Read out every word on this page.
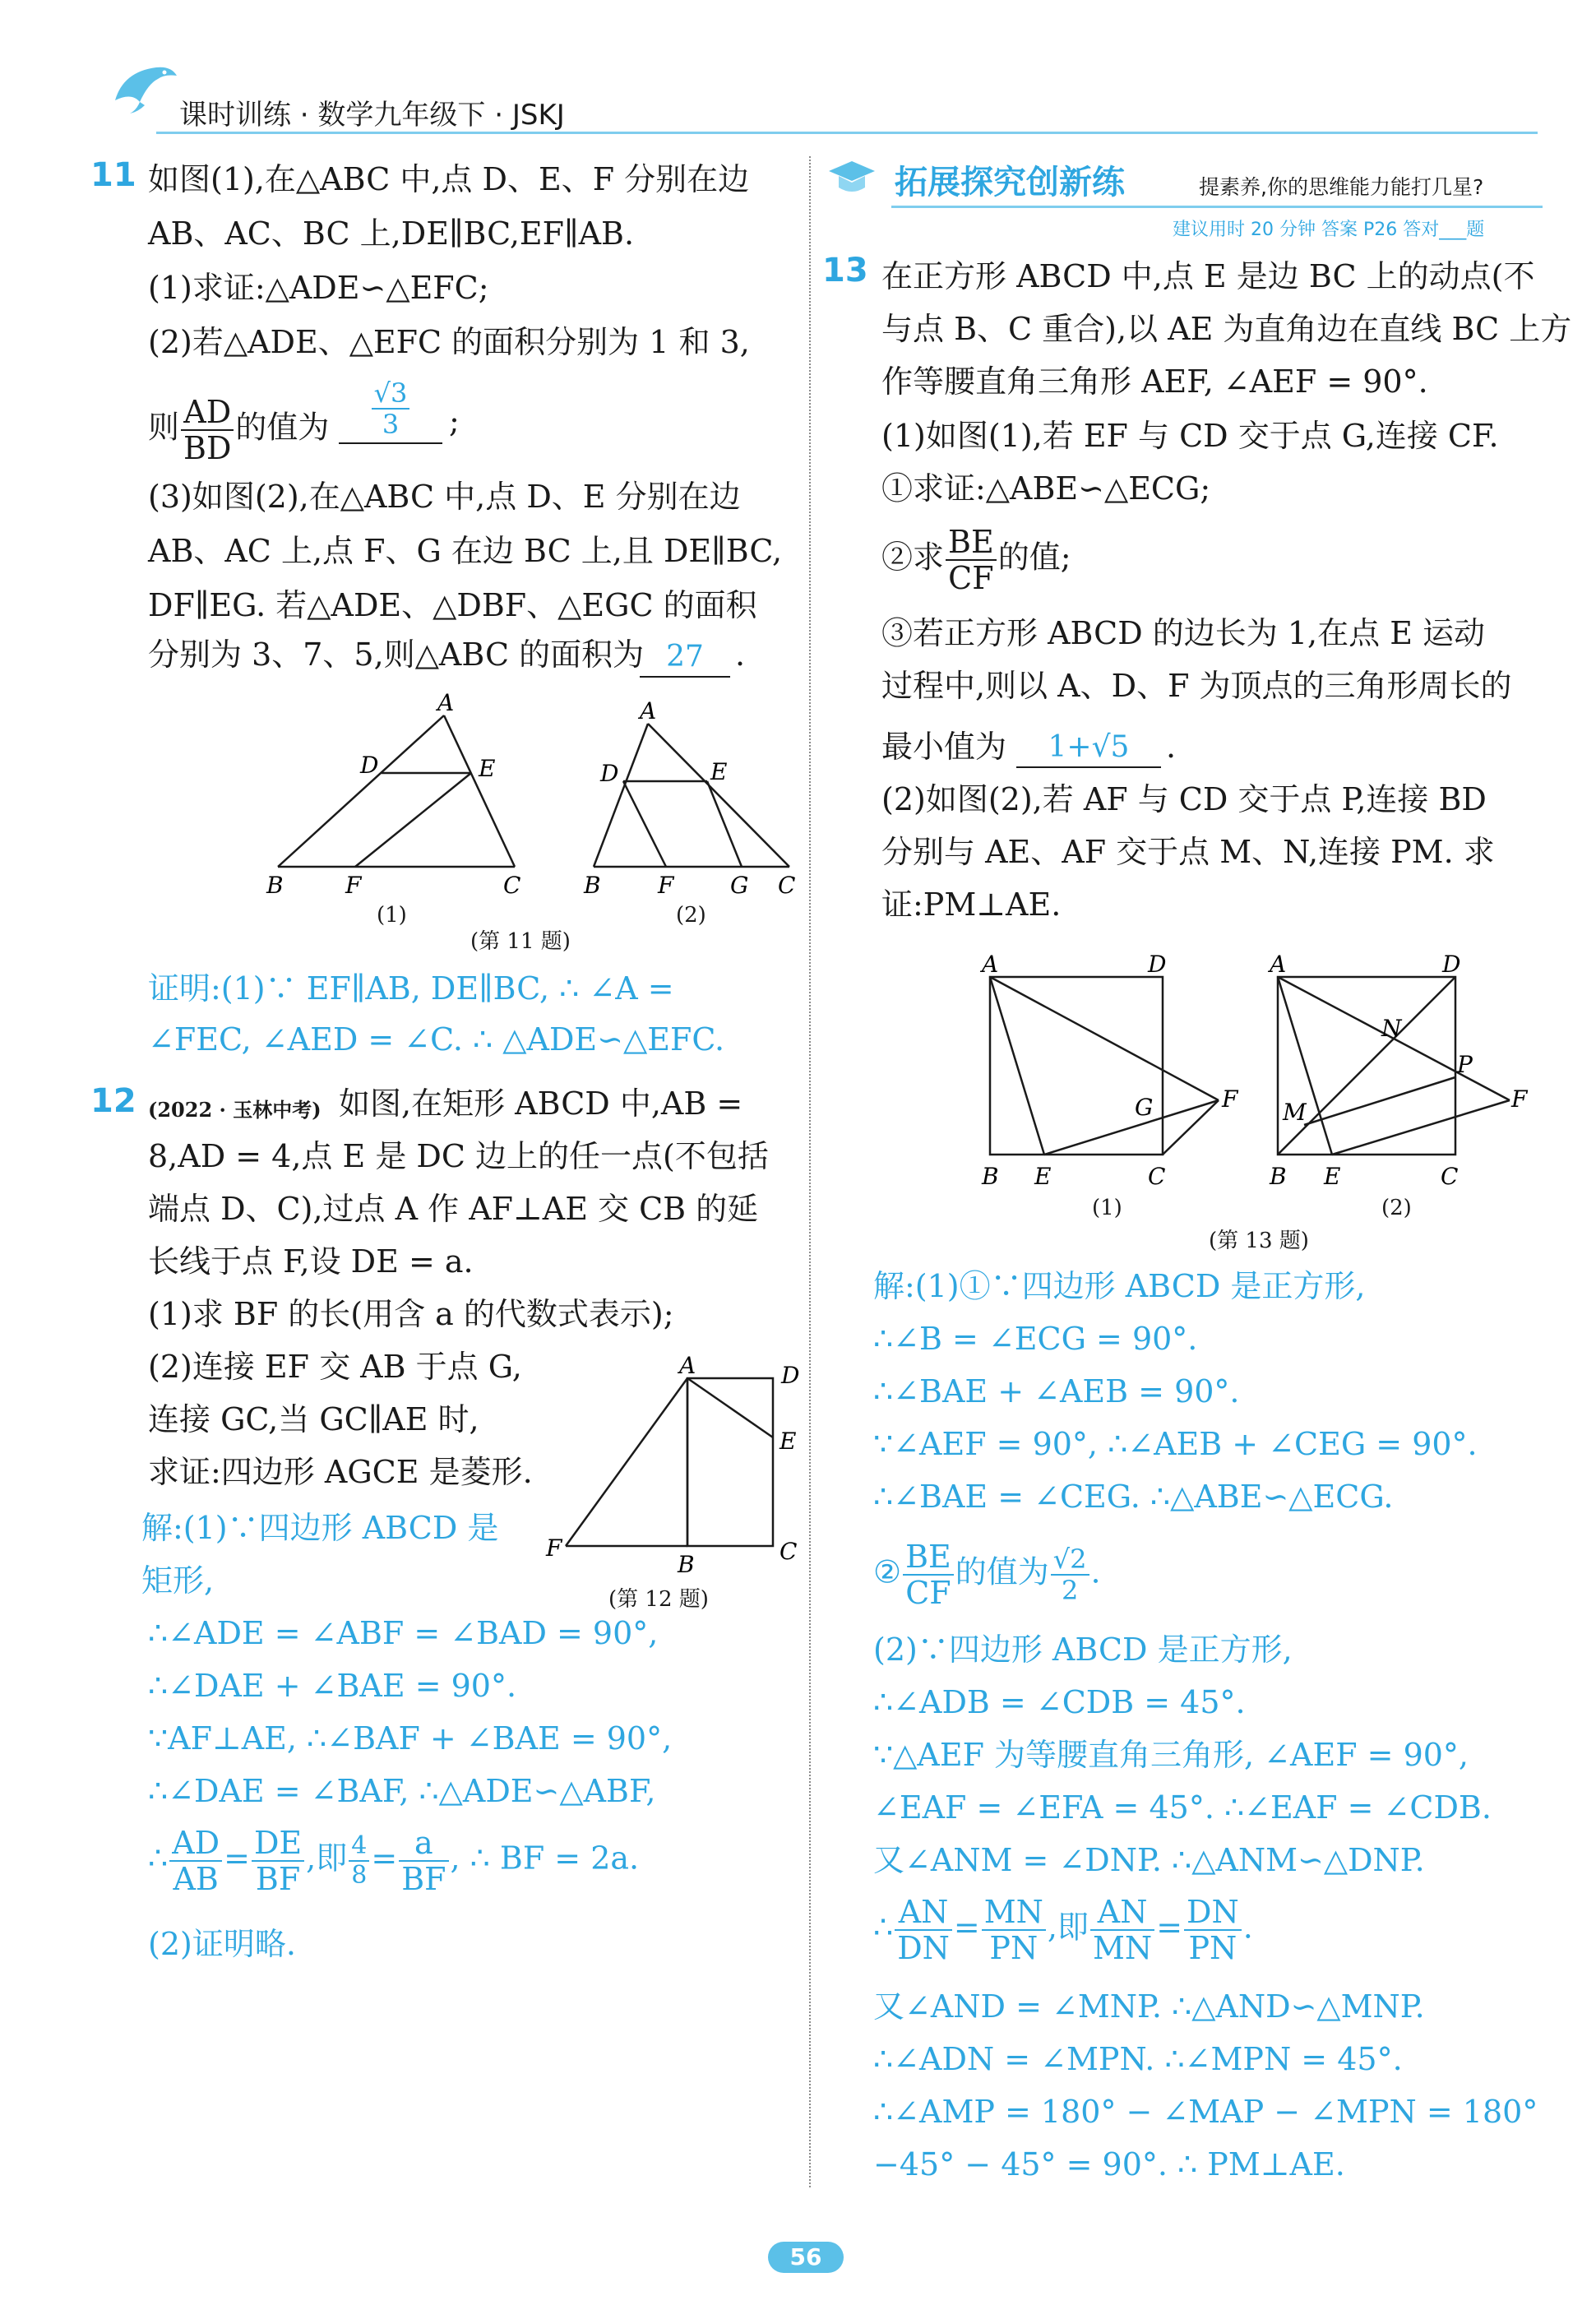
课时训练 · 数学九年级下 · JSKJ
11 如图(1),在△ABC 中,点 D、E、F 分别在边
AB、AC、BC 上,DE∥BC,EF∥AB.
(1)求证:△ADE∽△EFC;
(2)若△ADE、△EFC 的面积分别为 1 和 3,
则 $\frac{AD}{BD}$ 的值为 $\frac{√3}{3}$ ;
(3)如图(2),在△ABC 中,点 D、E 分别在边
AB、AC 上,点 F、G 在边 BC 上,且 DE∥BC,
DF∥EG. 若△ADE、△DBF、△EGC 的面积
分别为 3、7、5,则△ABC 的面积为 27	.
A
D	E
B	F	C
A
D	E
B F G C
(1)	(2)
(第 11 题)
证明:(1)∵ EF∥AB, DE∥BC, ∴ ∠A =
∠FEC, ∠AED = ∠C. ∴ △ADE∽△EFC.
12 (2022 · 玉林中考) 如图,在矩形 ABCD 中,AB =
8,AD = 4,点 E 是 DC 边上的任一点(不包括
端点 D、C),过点 A 作 AF⊥AE 交 CB 的延
长线于点 F,设 DE = a.
(1)求 BF 的长(用含 a 的代数式表示);
(2)连接 EF 交 AB 于点 G,
连接 GC,当 GC∥AE 时,
求证:四边形 AGCE 是菱形.
A	D
E
F
B	C
(第 12 题)
解:(1)∵四边形 ABCD 是
矩形,
∴∠ADE = ∠ABF = ∠BAD = 90°,
∴∠DAE + ∠BAE = 90°.
∵AF⊥AE, ∴∠BAF + ∠BAE = 90°,
∴∠DAE = ∠BAF, ∴△ADE∽△ABF,
∴ $\frac{AD}{AB} = \frac{DE}{BF}$ ,即 $\frac{4}{8} = \frac{a}{BF}$ , ∴ BF = 2a.
(2)证明略.
拓展探究创新练	提素养,你的思维能力能打几星?
建议用时 20 分钟 答案 P26 答对___题
13 在正方形 ABCD 中,点 E 是边 BC 上的动点(不
与点 B、C 重合),以 AE 为直角边在直线 BC 上方
作等腰直角三角形 AEF, ∠AEF = 90°.
(1)如图(1),若 EF 与 CD 交于点 G,连接 CF.
①求证:△ABE∽△ECG;
②求 $\frac{BE}{CF}$ 的值;
③若正方形 ABCD 的边长为 1,在点 E 运动
过程中,则以 A、D、F 为顶点的三角形周长的
最小值为	1+√5	.
(2)如图(2),若 AF 与 CD 交于点 P,连接 BD
分别与 AE、AF 交于点 M、N,连接 PM. 求
证:PM⊥AE.
A	D
G	F
B E	C
A	D
N
P
M	F
B E	C
(1)	(2)
(第 13 题)
解:(1)①∵四边形 ABCD 是正方形,
∴∠B = ∠ECG = 90°.
∴∠BAE + ∠AEB = 90°.
∵∠AEF = 90°, ∴∠AEB + ∠CEG = 90°.
∴∠BAE = ∠CEG. ∴△ABE∽△ECG.
② $\frac{BE}{CF}$ 的值为 $\frac{√2}{2}$ .
(2)∵四边形 ABCD 是正方形,
∴∠ADB = ∠CDB = 45°.
∵△AEF 为等腰直角三角形, ∠AEF = 90°,
∠EAF = ∠EFA = 45°. ∴∠EAF = ∠CDB.
又∠ANM = ∠DNP. ∴△ANM∽△DNP.
∴ $\frac{AN}{DN} = \frac{MN}{PN}$ ,即 $\frac{AN}{MN} = \frac{DN}{PN}$ .
又∠AND = ∠MNP. ∴△AND∽△MNP.
∴∠ADN = ∠MPN. ∴∠MPN = 45°.
∴∠AMP = 180° − ∠MAP − ∠MPN = 180°
−45° − 45° = 90°. ∴ PM⊥AE.
56
